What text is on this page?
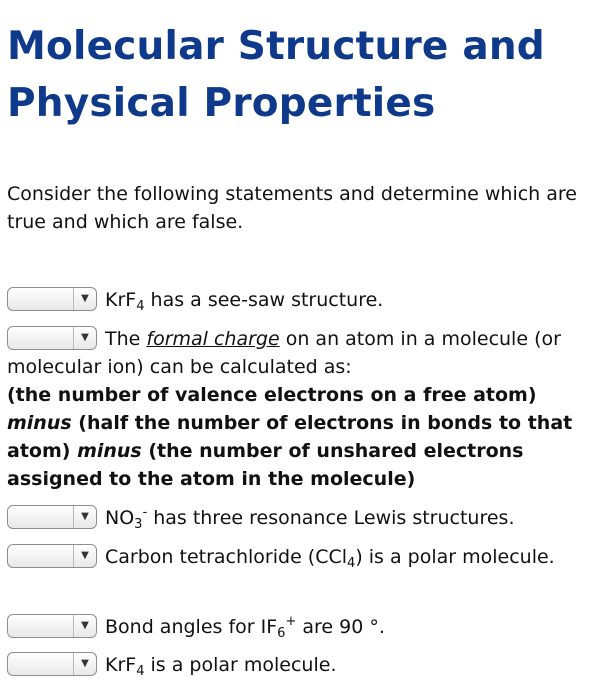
Molecular Structure and
Physical Properties

Consider the following statements and determine which are true and which are false.

▼ KrF$_4$ has a see-saw structure.

▼ The formal charge on an atom in a molecule (or molecular ion) can be calculated as:
(the number of valence electrons on a free atom) minus (half the number of electrons in bonds to that atom) minus (the number of unshared electrons assigned to the atom in the molecule)

▼ $NO_3^-$ has three resonance Lewis structures.

▼ Carbon tetrachloride (CCl$_4$) is a polar molecule.

▼ Bond angles for $IF_6^+$ are 90 °.

▼ KrF$_4$ is a polar molecule.
